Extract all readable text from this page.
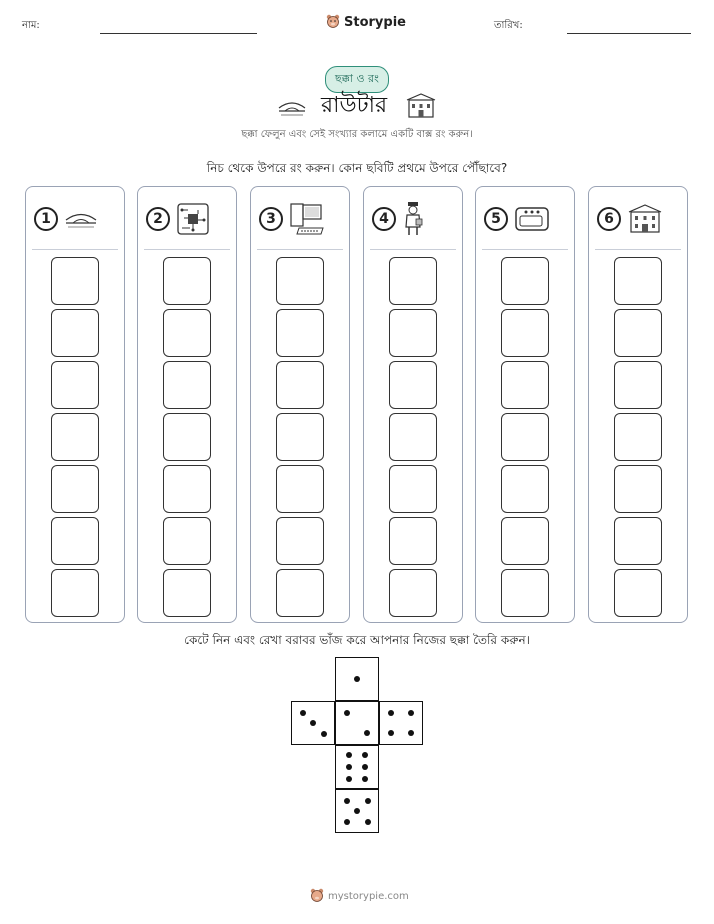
নাম:	Storypie	তারিখ:
ছক্কা ও রং
রাউটার
ছক্কা ফেলুন এবং সেই সংখ্যার কলামে একটি বাক্স রং করুন।
নিচ থেকে উপরে রং করুন। কোন ছবিটি প্রথমে উপরে পৌঁছাবে?
1	2	3	4	5	6
কেটে নিন এবং রেখা বরাবর ভাঁজ করে আপনার নিজের ছক্কা তৈরি করুন।
mystorypie.com
